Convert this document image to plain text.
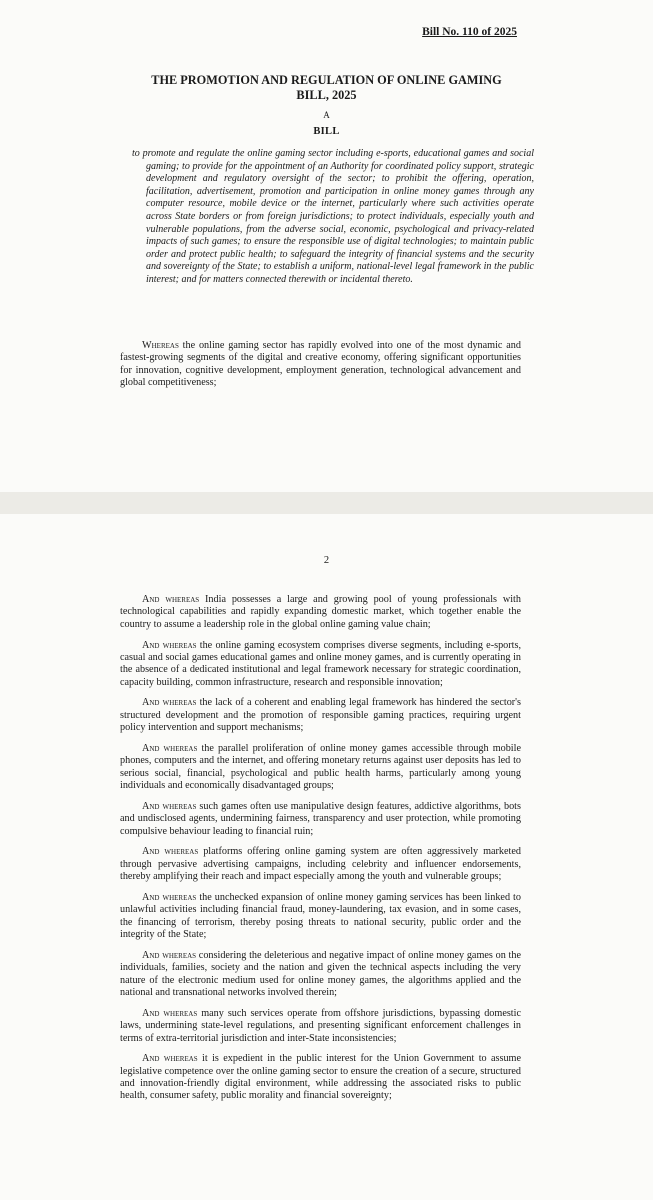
Bill No. 110 of 2025
THE PROMOTION AND REGULATION OF ONLINE GAMING
BILL, 2025
A
BILL
to promote and regulate the online gaming sector including e-sports, educational games and social gaming; to provide for the appointment of an Authority for coordinated policy support, strategic development and regulatory oversight of the sector; to prohibit the offering, operation, facilitation, advertisement, promotion and participation in online money games through any computer resource, mobile device or the internet, particularly where such activities operate across State borders or from foreign jurisdictions; to protect individuals, especially youth and vulnerable populations, from the adverse social, economic, psychological and privacy-related impacts of such games; to ensure the responsible use of digital technologies; to maintain public order and protect public health; to safeguard the integrity of financial systems and the security and sovereignty of the State; to establish a uniform, national-level legal framework in the public interest; and for matters connected therewith or incidental thereto.

Whereas the online gaming sector has rapidly evolved into one of the most dynamic and fastest-growing segments of the digital and creative economy, offering significant opportunities for innovation, cognitive development, employment generation, technological advancement and global competitiveness;

2

And whereas India possesses a large and growing pool of young professionals with technological capabilities and rapidly expanding domestic market, which together enable the country to assume a leadership role in the global online gaming value chain;

And whereas the online gaming ecosystem comprises diverse segments, including e-sports, casual and social games educational games and online money games, and is currently operating in the absence of a dedicated institutional and legal framework necessary for strategic coordination, capacity building, common infrastructure, research and responsible innovation;

And whereas the lack of a coherent and enabling legal framework has hindered the sector's structured development and the promotion of responsible gaming practices, requiring urgent policy intervention and support mechanisms;

And whereas the parallel proliferation of online money games accessible through mobile phones, computers and the internet, and offering monetary returns against user deposits has led to serious social, financial, psychological and public health harms, particularly among young individuals and economically disadvantaged groups;

And whereas such games often use manipulative design features, addictive algorithms, bots and undisclosed agents, undermining fairness, transparency and user protection, while promoting compulsive behaviour leading to financial ruin;

And whereas platforms offering online gaming system are often aggressively marketed through pervasive advertising campaigns, including celebrity and influencer endorsements, thereby amplifying their reach and impact especially among the youth and vulnerable groups;

And whereas the unchecked expansion of online money gaming services has been linked to unlawful activities including financial fraud, money-laundering, tax evasion, and in some cases, the financing of terrorism, thereby posing threats to national security, public order and the integrity of the State;

And whereas considering the deleterious and negative impact of online money games on the individuals, families, society and the nation and given the technical aspects including the very nature of the electronic medium used for online money games, the algorithms applied and the national and transnational networks involved therein;

And whereas many such services operate from offshore jurisdictions, bypassing domestic laws, undermining state-level regulations, and presenting significant enforcement challenges in terms of extra-territorial jurisdiction and inter-State inconsistencies;

And whereas it is expedient in the public interest for the Union Government to assume legislative competence over the online gaming sector to ensure the creation of a secure, structured and innovation-friendly digital environment, while addressing the associated risks to public health, consumer safety, public morality and financial sovereignty;
